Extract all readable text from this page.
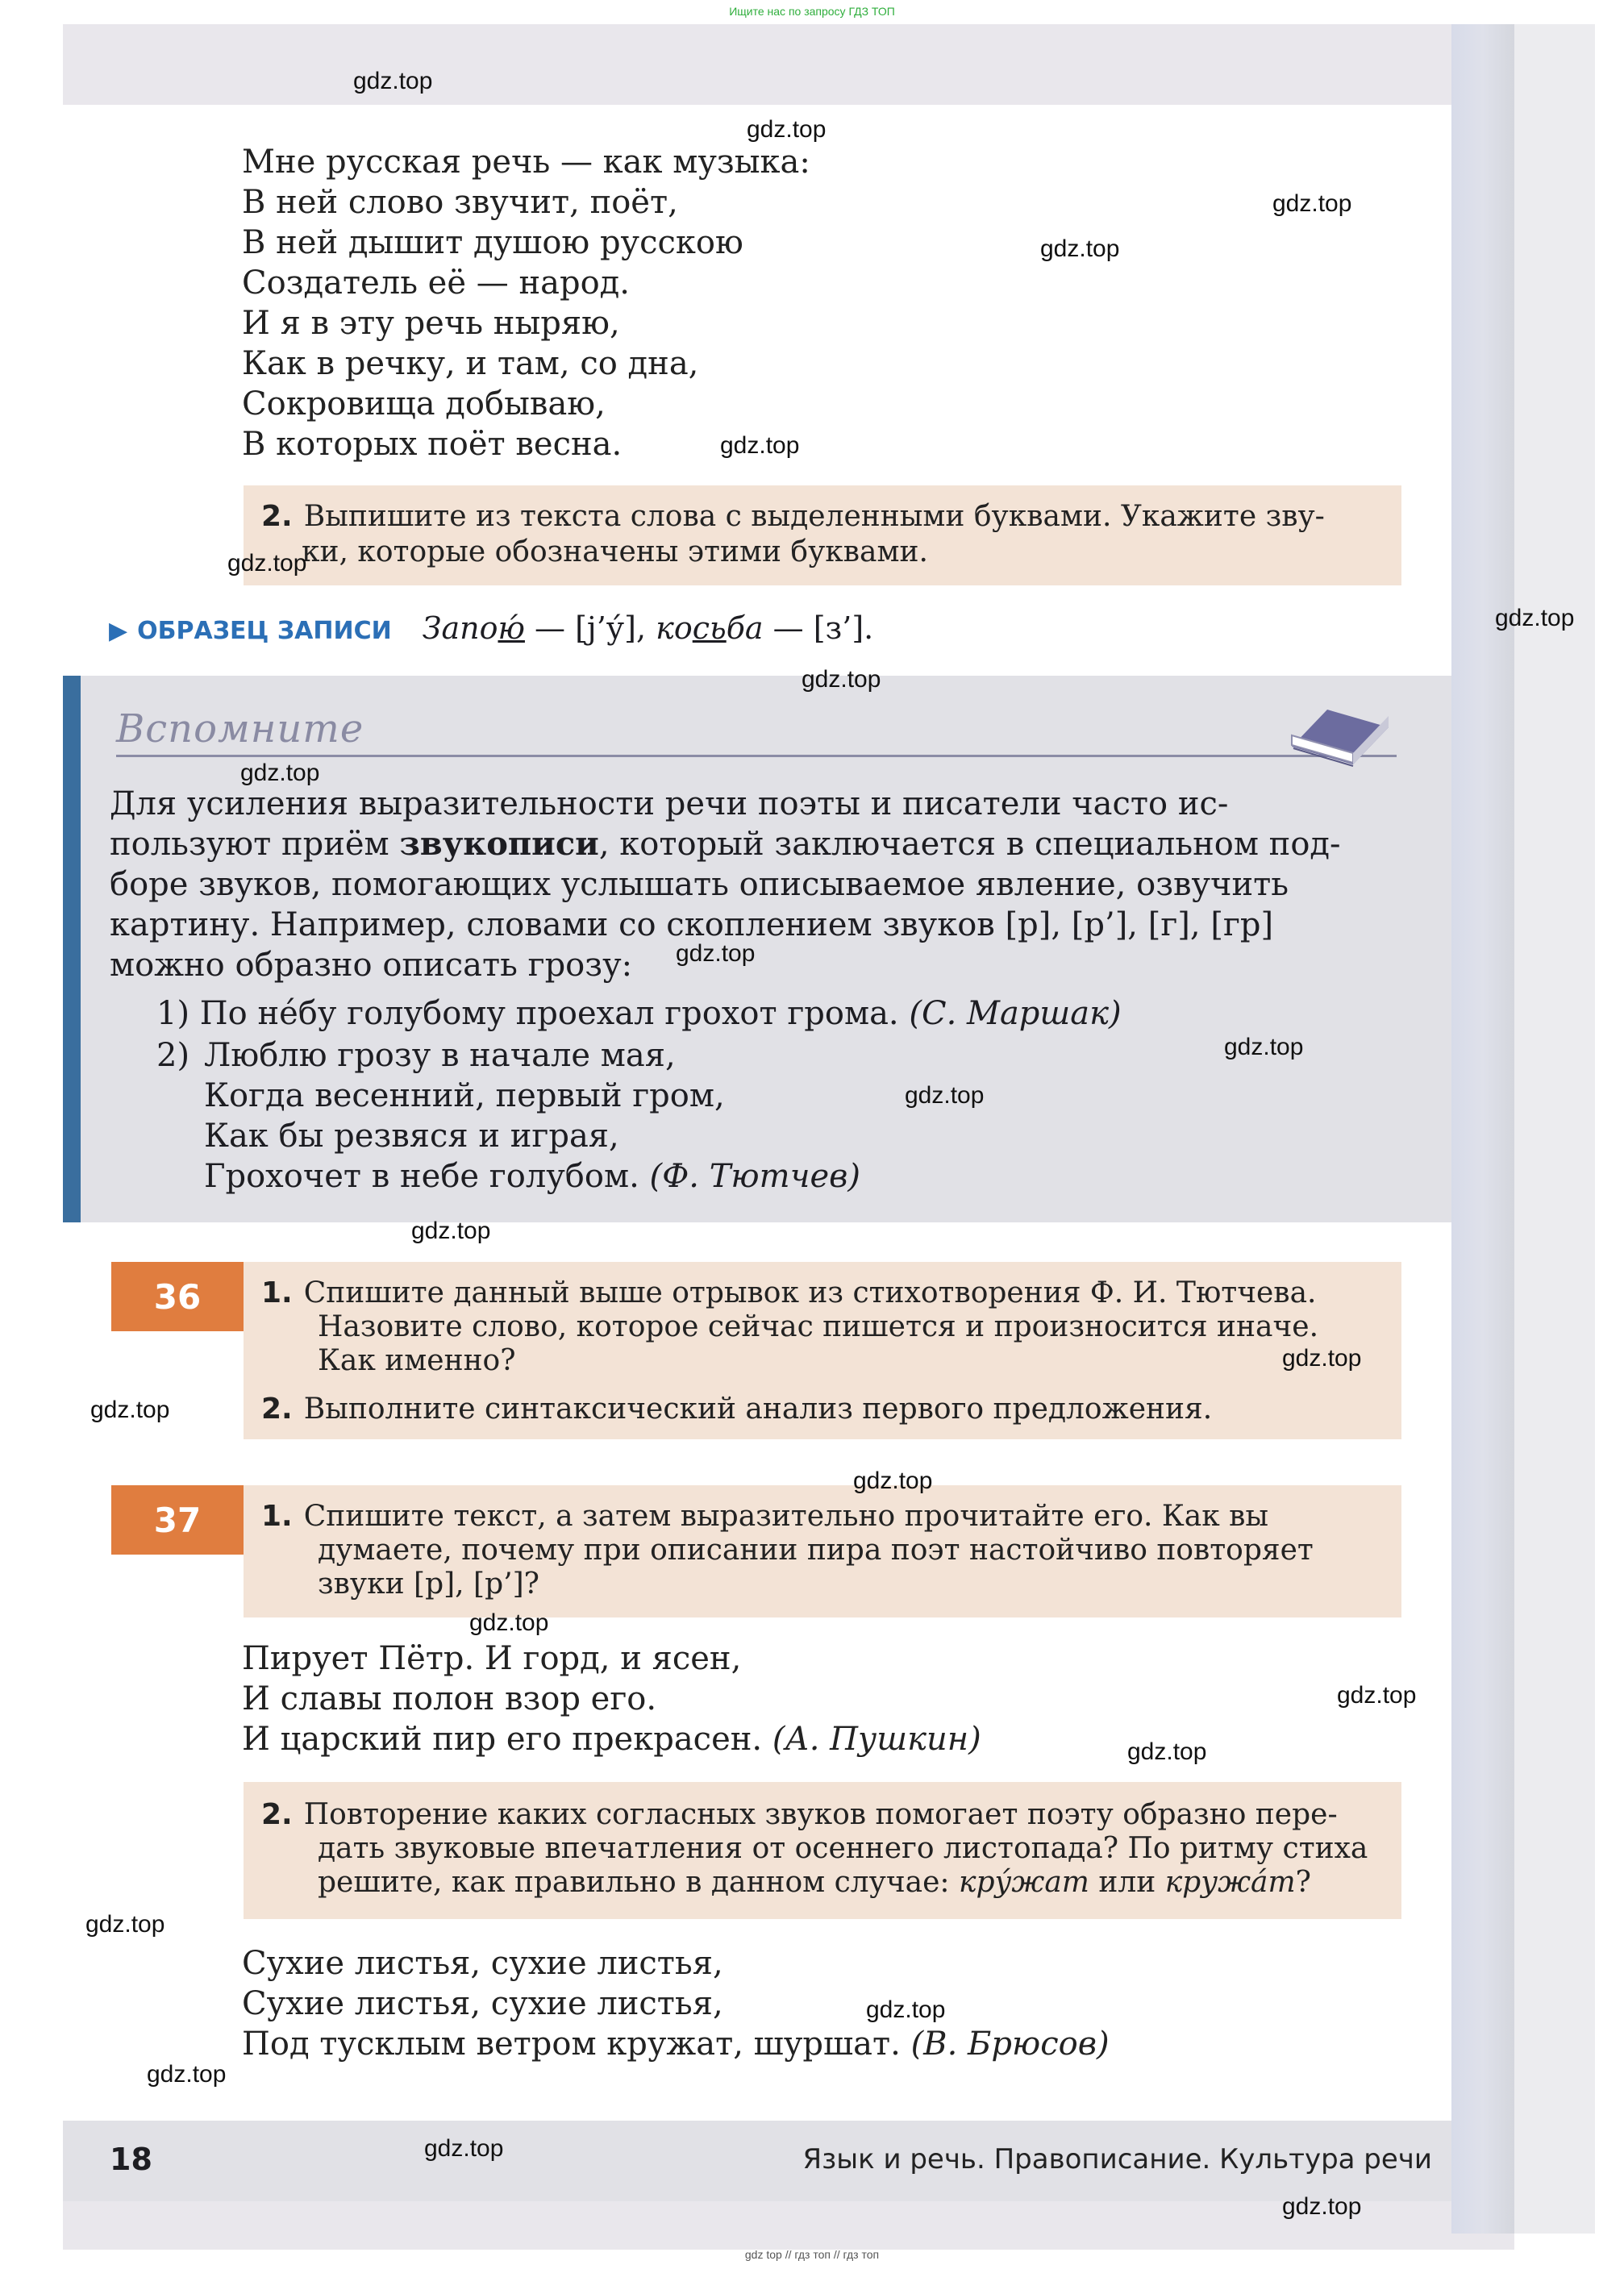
Ищите нас по запросу ГДЗ ТОП
Мне русская речь — как музыка:
В ней слово звучит, поёт,
В ней дышит душою русскою
Создатель её — народ.
И я в эту речь ныряю,
Как в речку, и там, со дна,
Сокровища добываю,
В которых поёт весна.
2. Выпишите из текста слова с выделенными буквами. Укажите зву-
ки, которые обозначены этими буквами.
▶ ОБРАЗЕЦ ЗАПИСИ Запою́ — [j’у́], косьба — [з’].
Вспомните
Для усиления выразительности речи поэты и писатели часто ис-
пользуют приём звукописи, который заключается в специальном под-
боре звуков, помогающих услышать описываемое явление, озвучить
картину. Например, словами со скоплением звуков [р], [р’], [г], [гр]
можно образно описать грозу:
1) По не́бу голубому проехал грохот грома. (С. Маршак)
2) Люблю грозу в начале мая,
Когда весенний, первый гром,
Как бы резвяся и играя,
Грохочет в небе голубом. (Ф. Тютчев)
36	1. Спишите данный выше отрывок из стихотворения Ф. И. Тютчева.
Назовите слово, которое сейчас пишется и произносится иначе.
Как именно?
2. Выполните синтаксический анализ первого предложения.
37	1. Спишите текст, а затем выразительно прочитайте его. Как вы
думаете, почему при описании пира поэт настойчиво повторяет
звуки [р], [р’]?
Пирует Пётр. И горд, и ясен,
И славы полон взор его.
И царский пир его прекрасен. (А. Пушкин)
2. Повторение каких согласных звуков помогает поэту образно пере-
дать звуковые впечатления от осеннего листопада? По ритму стиха
решите, как правильно в данном случае: кру́жат или кружа́т?
Сухие листья, сухие листья,
Сухие листья, сухие листья,
Под тусклым ветром кружат, шуршат. (В. Брюсов)
18	Язык и речь. Правописание. Культура речи
gdz.top
gdz.top
gdz.top
gdz.top
gdz.top
gdz.top
gdz.top
gdz.top
gdz.top
gdz.top
gdz.top
gdz.top
gdz.top
gdz.top
gdz.top
gdz.top
gdz.top
gdz.top
gdz.top
gdz.top
gdz.top
gdz.top
gdz.top
gdz.top
gdz top // гдз топ // гдз топ
